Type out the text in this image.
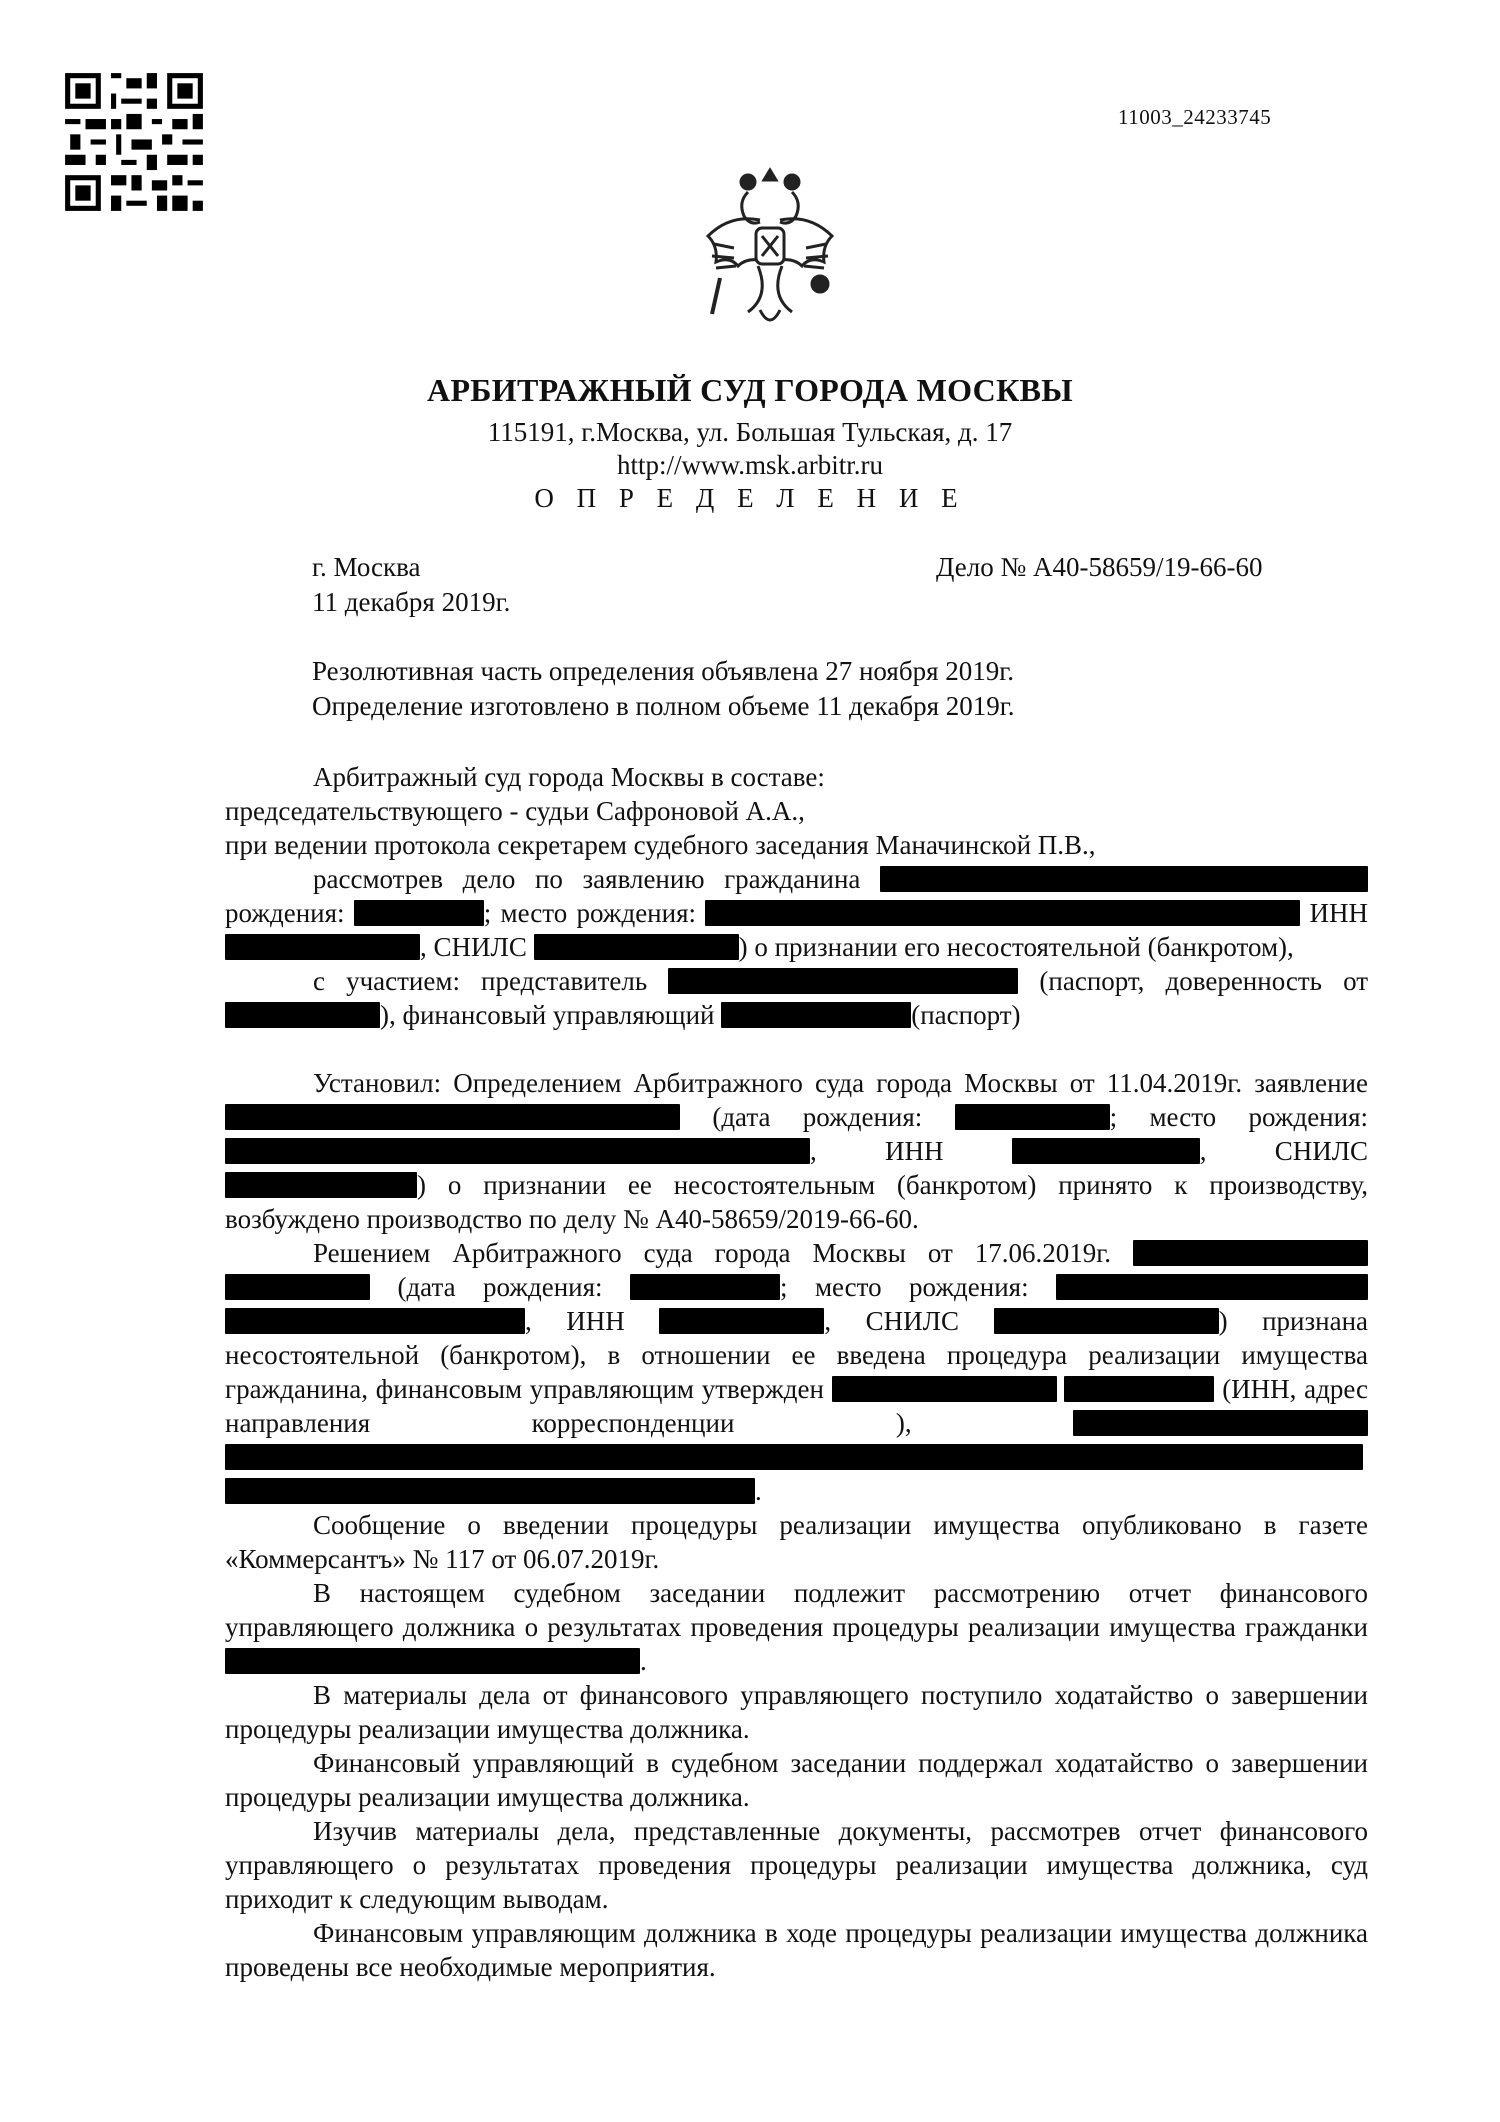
11003_24233745
АРБИТРАЖНЫЙ СУД ГОРОДА МОСКВЫ
115191, г.Москва, ул. Большая Тульская, д. 17
http://www.msk.arbitr.ru
О П Р Е Д Е Л Е Н И Е
г. Москва	Дело № А40-58659/19-66-60
11 декабря 2019г.
Резолютивная часть определения объявлена 27 ноября 2019г.
Определение изготовлено в полном объеме 11 декабря 2019г.

Арбитражный суд города Москвы в составе:

председательствующего - судьи Сафроновой А.А.,

при ведении протокола секретарем судебного заседания Маначинской П.В.,

рассмотрев дело по заявлению гражданина  рождения:	; место рождения:	ИНН , СНИЛС	) о признании его несостоятельной (банкротом),

с участием: представитель	(паспорт, доверенность от ), финансовый управляющий	(паспорт)

Установил: Определением Арбитражного суда города Москвы от 11.04.2019г. заявление  (дата рождения:	; место рождения: , ИНН	, СНИЛС ) о признании ее несостоятельным (банкротом) принято к производству, возбуждено производство по делу № А40-58659/2019-66-60.

Решением Арбитражного суда города Москвы от 17.06.2019г.   (дата рождения:	; место рождения:  , ИНН	, СНИЛС	) признана несостоятельной (банкротом), в отношении ее введена процедура реализации имущества гражданина, финансовым управляющим утвержден	(ИНН, адрес направления корреспонденции ),   .

Сообщение о введении процедуры реализации имущества опубликовано в газете «Коммерсантъ» № 117 от 06.07.2019г.

В настоящем судебном заседании подлежит рассмотрению отчет финансового управляющего должника о результатах проведения процедуры реализации имущества гражданки .

В материалы дела от финансового управляющего поступило ходатайство о завершении процедуры реализации имущества должника.

Финансовый управляющий в судебном заседании поддержал ходатайство о завершении процедуры реализации имущества должника.

Изучив материалы дела, представленные документы, рассмотрев отчет финансового управляющего о результатах проведения процедуры реализации имущества должника, суд приходит к следующим выводам.

Финансовым управляющим должника в ходе процедуры реализации имущества должника проведены все необходимые мероприятия.
